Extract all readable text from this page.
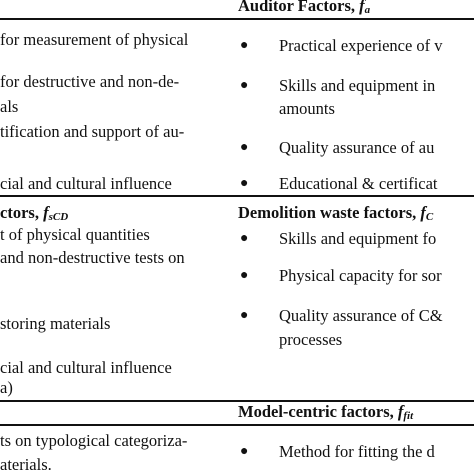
Auditor Factors, fa
for measurement of physical
for destructive and non-de-
als
tification and support of au-
cial and cultural influence
● Practical experience of v
● Skills and equipment in
amounts
● Quality assurance of au
● Educational & certificat
ctors, fsCD	Demolition waste factors, fC
t of physical quantities
and non-destructive tests on
storing materials
cial and cultural influence
a)
● Skills and equipment fo
● Physical capacity for sor
● Quality assurance of C&
processes
Model-centric factors, ffit
ts on typological categoriza-
aterials.
● Method for fitting the d
